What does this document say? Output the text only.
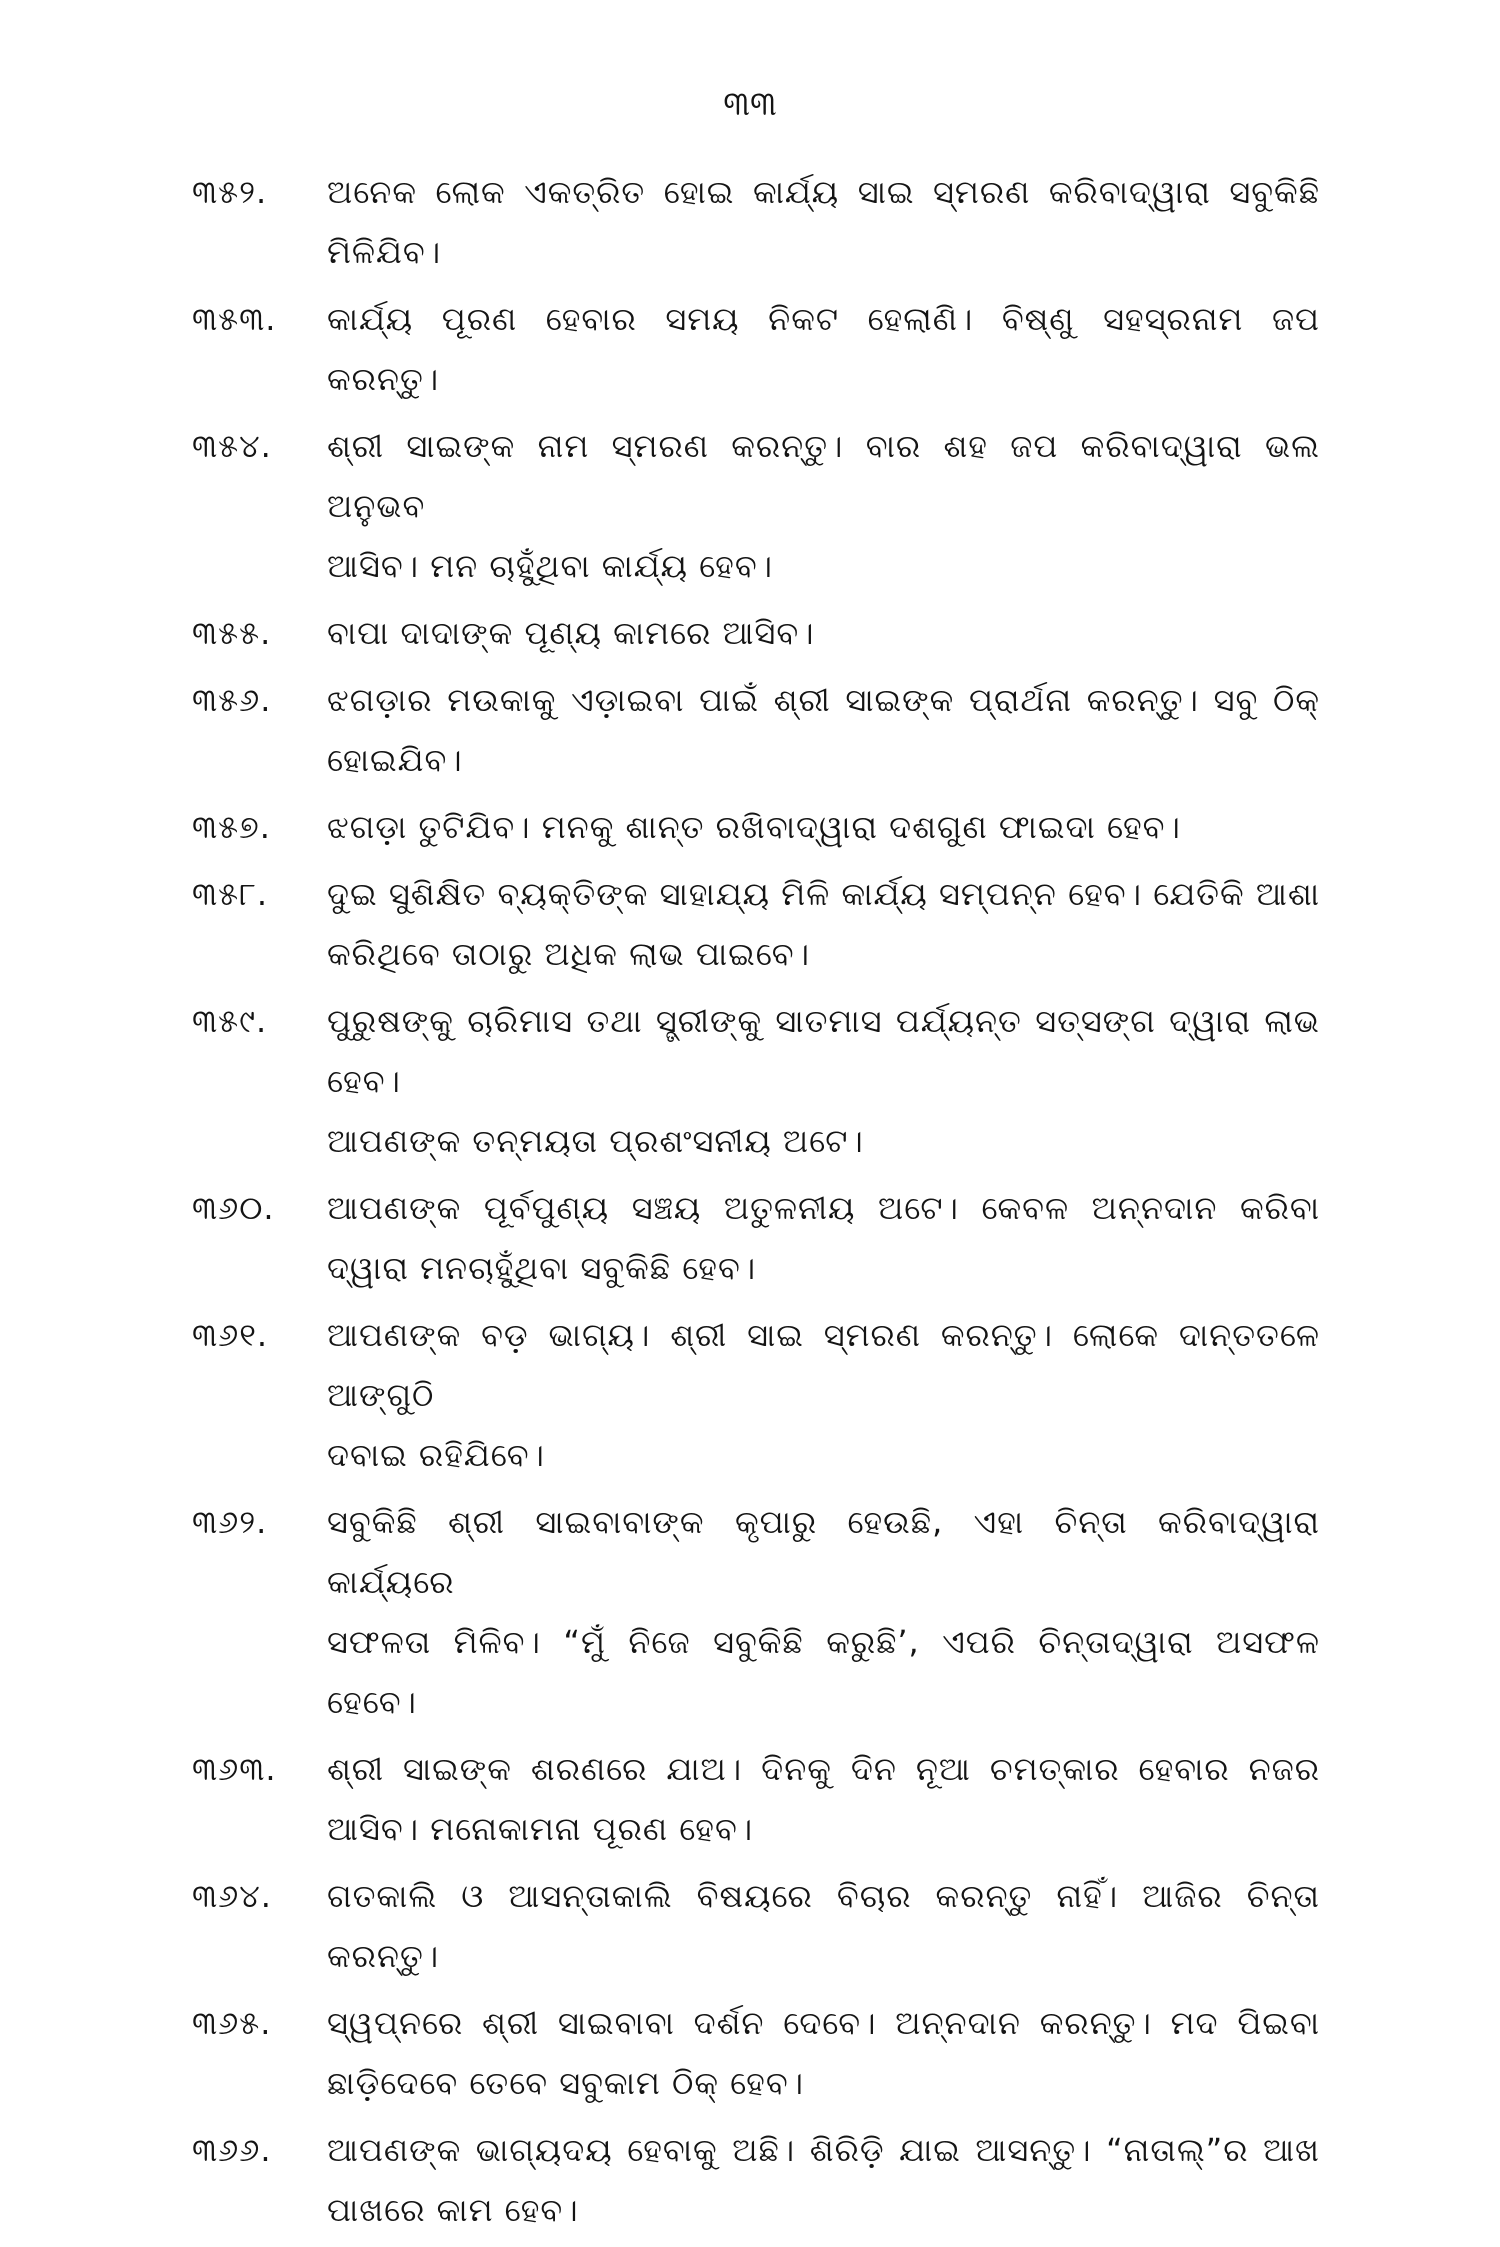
୩୩
୩୫୨.	ଅନେକ ଲୋକ ଏକତ୍ରିତ ହୋଇ କାର୍ଯ୍ୟ ସାଇ ସ୍ମରଣ କରିବାଦ୍ୱାରା ସବୁକିଛି
ମିଳିଯିବ।
୩୫୩.	କାର୍ଯ୍ୟ ପୂରଣ ହେବାର ସମୟ ନିକଟ ହେଲାଣି। ବିଷ୍ଣୁ ସହସ୍ରନାମ ଜପ
କରନ୍ତୁ।
୩୫୪.	ଶ୍ରୀ ସାଇଙ୍କ ନାମ ସ୍ମରଣ କରନ୍ତୁ। ବାର ଶହ ଜପ କରିବାଦ୍ୱାରା ଭଲ ଅନୁଭବ
ଆସିବ। ମନ ଚାହୁଁଥିବା କାର୍ଯ୍ୟ ହେବ।
୩୫୫.	ବାପା ଦାଦାଙ୍କ ପୂଣ୍ୟ କାମରେ ଆସିବ।
୩୫୬.	ଝଗଡ଼ାର ମଉକାକୁ ଏଡ଼ାଇବା ପାଇଁ ଶ୍ରୀ ସାଇଙ୍କ ପ୍ରାର୍ଥନା କରନ୍ତୁ। ସବୁ ଠିକ୍
ହୋଇଯିବ।
୩୫୭.	ଝଗଡ଼ା ତୁଟିଯିବ। ମନକୁ ଶାନ୍ତ ରଖିବାଦ୍ୱାରା ଦଶଗୁଣ ଫାଇଦା ହେବ।
୩୫୮.	ଦୁଇ ସୁଶିକ୍ଷିତ ବ୍ୟକ୍ତିଙ୍କ ସାହାଯ୍ୟ ମିଳି କାର୍ଯ୍ୟ ସମ୍ପନ୍ନ ହେବ। ଯେତିକି ଆଶା
କରିଥିବେ ତାଠାରୁ ଅଧିକ ଲାଭ ପାଇବେ।
୩୫୯.	ପୁରୁଷଙ୍କୁ ଚାରିମାସ ତଥା ସ୍ତ୍ରୀଙ୍କୁ ସାତମାସ ପର୍ଯ୍ୟନ୍ତ ସତ୍‌ସଙ୍ଗ ଦ୍ୱାରା ଲାଭ ହେବ।
ଆପଣଙ୍କ ତନ୍ମୟତା ପ୍ରଶଂସନୀୟ ଅଟେ।
୩୬୦.	ଆପଣଙ୍କ ପୂର୍ବପୁଣ୍ୟ ସଞ୍ଚୟ ଅତୁଳନୀୟ ଅଟେ। କେବଳ ଅନ୍ନଦାନ କରିବା
ଦ୍ୱାରା ମନଚାହୁଁଥିବା ସବୁକିଛି ହେବ।
୩୬୧.	ଆପଣଙ୍କ ବଡ଼ ଭାଗ୍ୟ। ଶ୍ରୀ ସାଇ ସ୍ମରଣ କରନ୍ତୁ। ଲୋକେ ଦାନ୍ତତଳେ ଆଙ୍ଗୁଠି
ଦବାଇ ରହିଯିବେ।
୩୬୨.	ସବୁକିଛି ଶ୍ରୀ ସାଇବାବାଙ୍କ କୃପାରୁ ହେଉଛି, ଏହା ଚିନ୍ତା କରିବାଦ୍ୱାରା କାର୍ଯ୍ୟରେ
ସଫଳତା ମିଳିବ। “ମୁଁ ନିଜେ ସବୁକିଛି କରୁଛି’, ଏପରି ଚିନ୍ତାଦ୍ୱାରା ଅସଫଳ
ହେବେ।
୩୬୩.	ଶ୍ରୀ ସାଇଙ୍କ ଶରଣରେ ଯାଅ। ଦିନକୁ ଦିନ ନୂଆ ଚମତ୍କାର ହେବାର ନଜର
ଆସିବ। ମନୋକାମନା ପୂରଣ ହେବ।
୩୬୪.	ଗତକାଲି ଓ ଆସନ୍ତାକାଲି ବିଷୟରେ ବିଚାର କରନ୍ତୁ ନାହିଁ। ଆଜିର ଚିନ୍ତା କରନ୍ତୁ।
୩୬୫.	ସ୍ୱପ୍ନରେ ଶ୍ରୀ ସାଇବାବା ଦର୍ଶନ ଦେବେ। ଅନ୍ନଦାନ କରନ୍ତୁ। ମଦ ପିଇବା
ଛାଡ଼ିଦେବେ ତେବେ ସବୁକାମ ଠିକ୍ ହେବ।
୩୬୬.	ଆପଣଙ୍କ ଭାଗ୍ୟଦୟ ହେବାକୁ ଅଛି। ଶିରିଡ଼ି ଯାଇ ଆସନ୍ତୁ। “ନାତାଲ୍”ର ଆଖ
ପାଖରେ କାମ ହେବ।
